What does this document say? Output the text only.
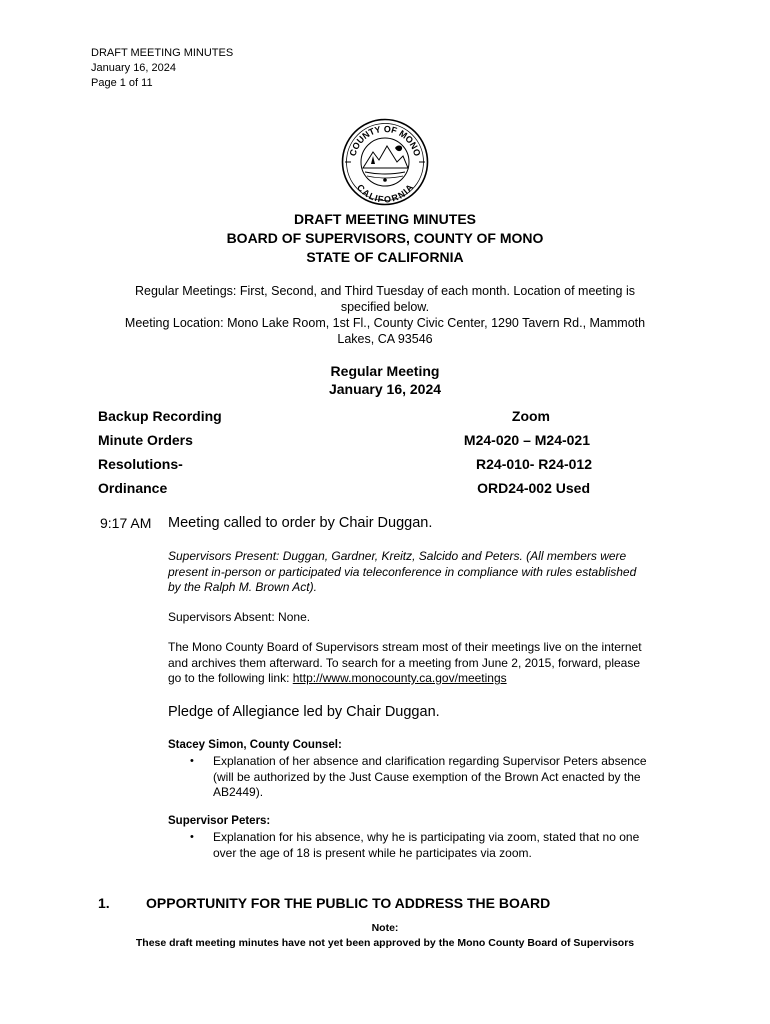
DRAFT MEETING MINUTES
January 16, 2024
Page 1 of 11
COUNTY OF MONO
CALIFORNIA
DRAFT MEETING MINUTES
BOARD OF SUPERVISORS, COUNTY OF MONO
STATE OF CALIFORNIA
Regular Meetings: First, Second, and Third Tuesday of each month. Location of meeting is
specified below.
Meeting Location: Mono Lake Room, 1st Fl., County Civic Center, 1290 Tavern Rd., Mammoth
Lakes, CA 93546
Regular Meeting
January 16, 2024
Backup Recording	Zoom
Minute Orders	M24-020 – M24-021
Resolutions-	R24-010- R24-012
Ordinance	ORD24-002 Used
9:17 AM Meeting called to order by Chair Duggan.
Supervisors Present: Duggan, Gardner, Kreitz, Salcido and Peters. (All members were
present in-person or participated via teleconference in compliance with rules established
by the Ralph M. Brown Act).
Supervisors Absent: None.
The Mono County Board of Supervisors stream most of their meetings live on the internet
and archives them afterward. To search for a meeting from June 2, 2015, forward, please
go to the following link: http://www.monocounty.ca.gov/meetings
Pledge of Allegiance led by Chair Duggan.
Stacey Simon, County Counsel:
• Explanation of her absence and clarification regarding Supervisor Peters absence
(will be authorized by the Just Cause exemption of the Brown Act enacted by the
AB2449).
Supervisor Peters:
• Explanation for his absence, why he is participating via zoom, stated that no one
over the age of 18 is present while he participates via zoom.
1.	OPPORTUNITY FOR THE PUBLIC TO ADDRESS THE BOARD
Note:
These draft meeting minutes have not yet been approved by the Mono County Board of Supervisors
